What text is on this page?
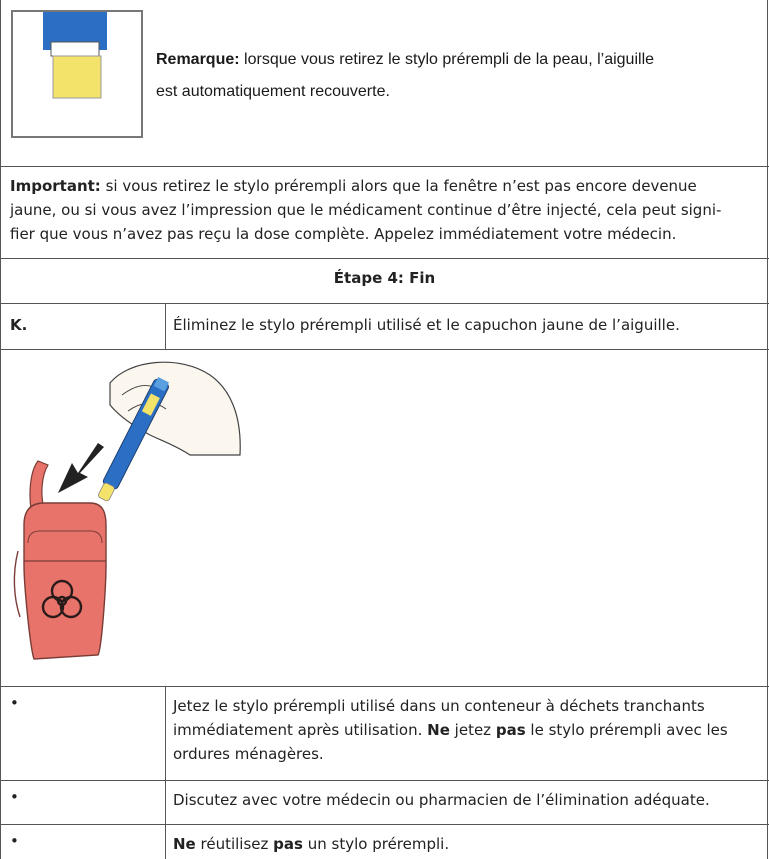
Remarque: lorsque vous retirez le stylo prérempli de la peau, l’aiguille
est automatiquement recouverte.
Important: si vous retirez le stylo prérempli alors que la fenêtre n’est pas encore devenue
jaune, ou si vous avez l’impression que le médicament continue d’être injecté, cela peut signi-
fier que vous n’avez pas reçu la dose complète. Appelez immédiatement votre médecin.
Étape 4: Fin
K.	Éliminez le stylo prérempli utilisé et le capuchon jaune de l’aiguille.
•	Jetez le stylo prérempli utilisé dans un conteneur à déchets tranchants
immédiatement après utilisation. Ne jetez pas le stylo prérempli avec les
ordures ménagères.
•	Discutez avec votre médecin ou pharmacien de l’élimination adéquate.
•	Ne réutilisez pas un stylo prérempli.
